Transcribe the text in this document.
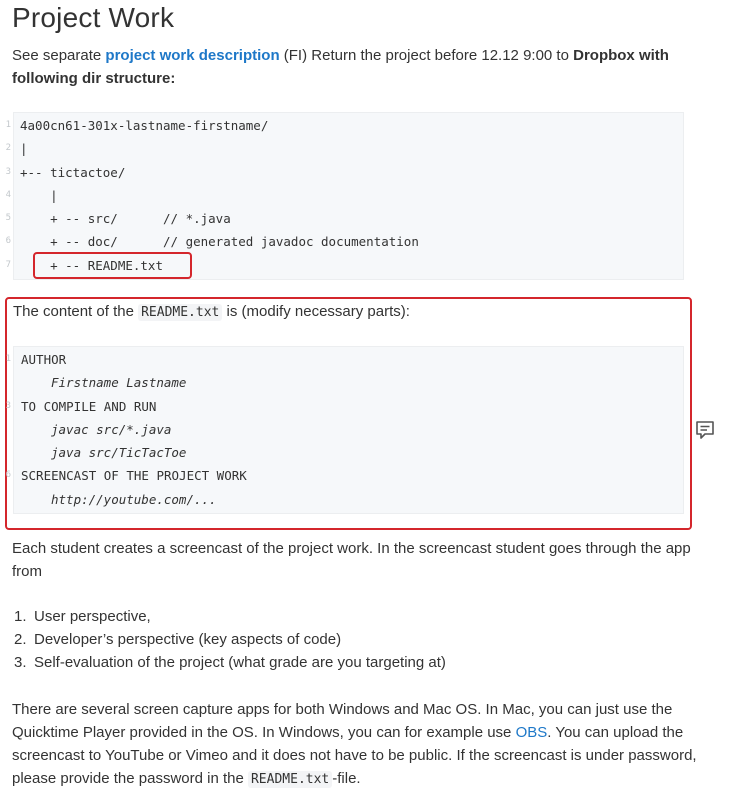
Project Work
See separate project work description (FI) Return the project before 12.12 9:00 to Dropbox with following dir structure:
1 4a00cn61-301x-lastname-firstname/
2 |
3 +-- tictactoe/
4 |
5 + -- src/      // *.java
6 + -- doc/      // generated javadoc documentation
7 + -- README.txt
The content of the README.txt is (modify necessary parts):
1 AUTHOR
Firstname Lastname
3 TO COMPILE AND RUN
javac src/*.java
java src/TicTacToe
6 SCREENCAST OF THE PROJECT WORK
http://youtube.com/...

Each student creates a screencast of the project work. In the screencast student goes through the app from

1. User perspective,
2. Developer’s perspective (key aspects of code)
3. Self-evaluation of the project (what grade are you targeting at)

There are several screen capture apps for both Windows and Mac OS. In Mac, you can just use the Quicktime Player provided in the OS. In Windows, you can for example use OBS. You can upload the screencast to YouTube or Vimeo and it does not have to be public. If the screencast is under password, please provide the password in the README.txt -file.
